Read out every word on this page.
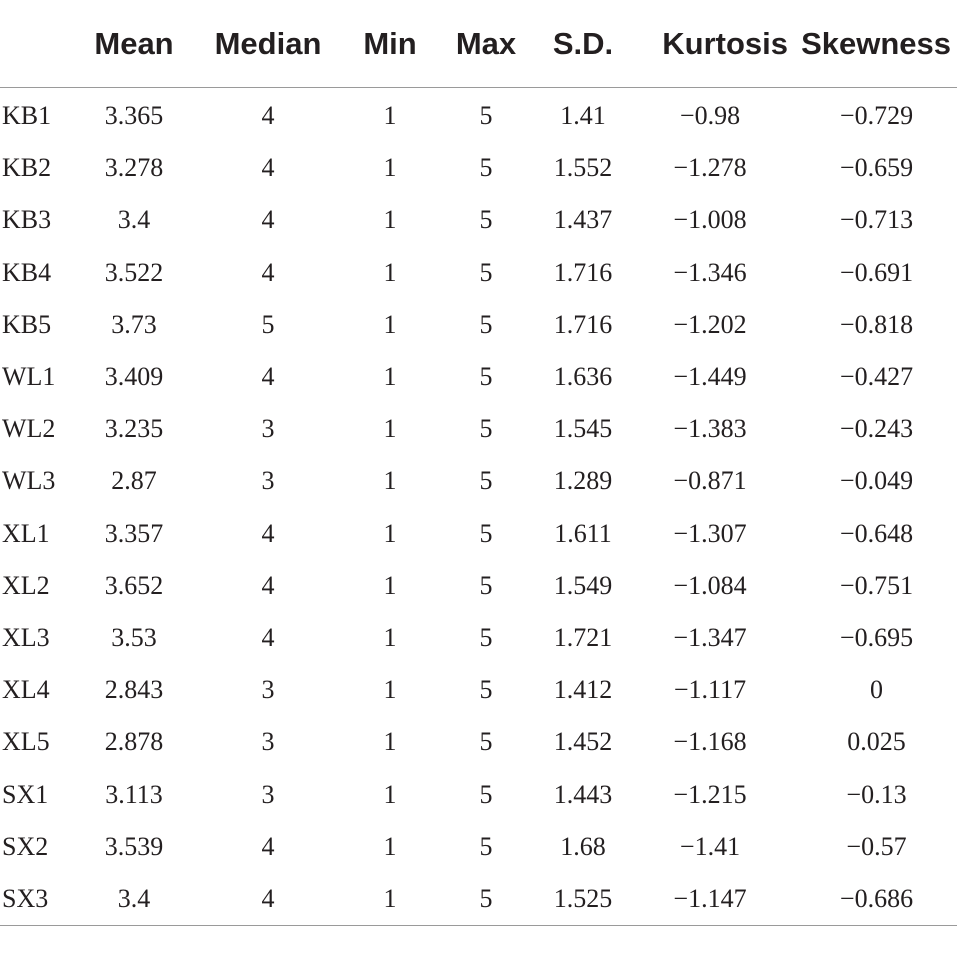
	Mean	Median	Min	Max	S.D.	Kurtosis	Skewness
KB1	3.365	4	1	5	1.41	−0.98	−0.729
KB2	3.278	4	1	5	1.552	−1.278	−0.659
KB3	3.4	4	1	5	1.437	−1.008	−0.713
KB4	3.522	4	1	5	1.716	−1.346	−0.691
KB5	3.73	5	1	5	1.716	−1.202	−0.818
WL1	3.409	4	1	5	1.636	−1.449	−0.427
WL2	3.235	3	1	5	1.545	−1.383	−0.243
WL3	2.87	3	1	5	1.289	−0.871	−0.049
XL1	3.357	4	1	5	1.611	−1.307	−0.648
XL2	3.652	4	1	5	1.549	−1.084	−0.751
XL3	3.53	4	1	5	1.721	−1.347	−0.695
XL4	2.843	3	1	5	1.412	−1.117	0
XL5	2.878	3	1	5	1.452	−1.168	0.025
SX1	3.113	3	1	5	1.443	−1.215	−0.13
SX2	3.539	4	1	5	1.68	−1.41	−0.57
SX3	3.4	4	1	5	1.525	−1.147	−0.686
